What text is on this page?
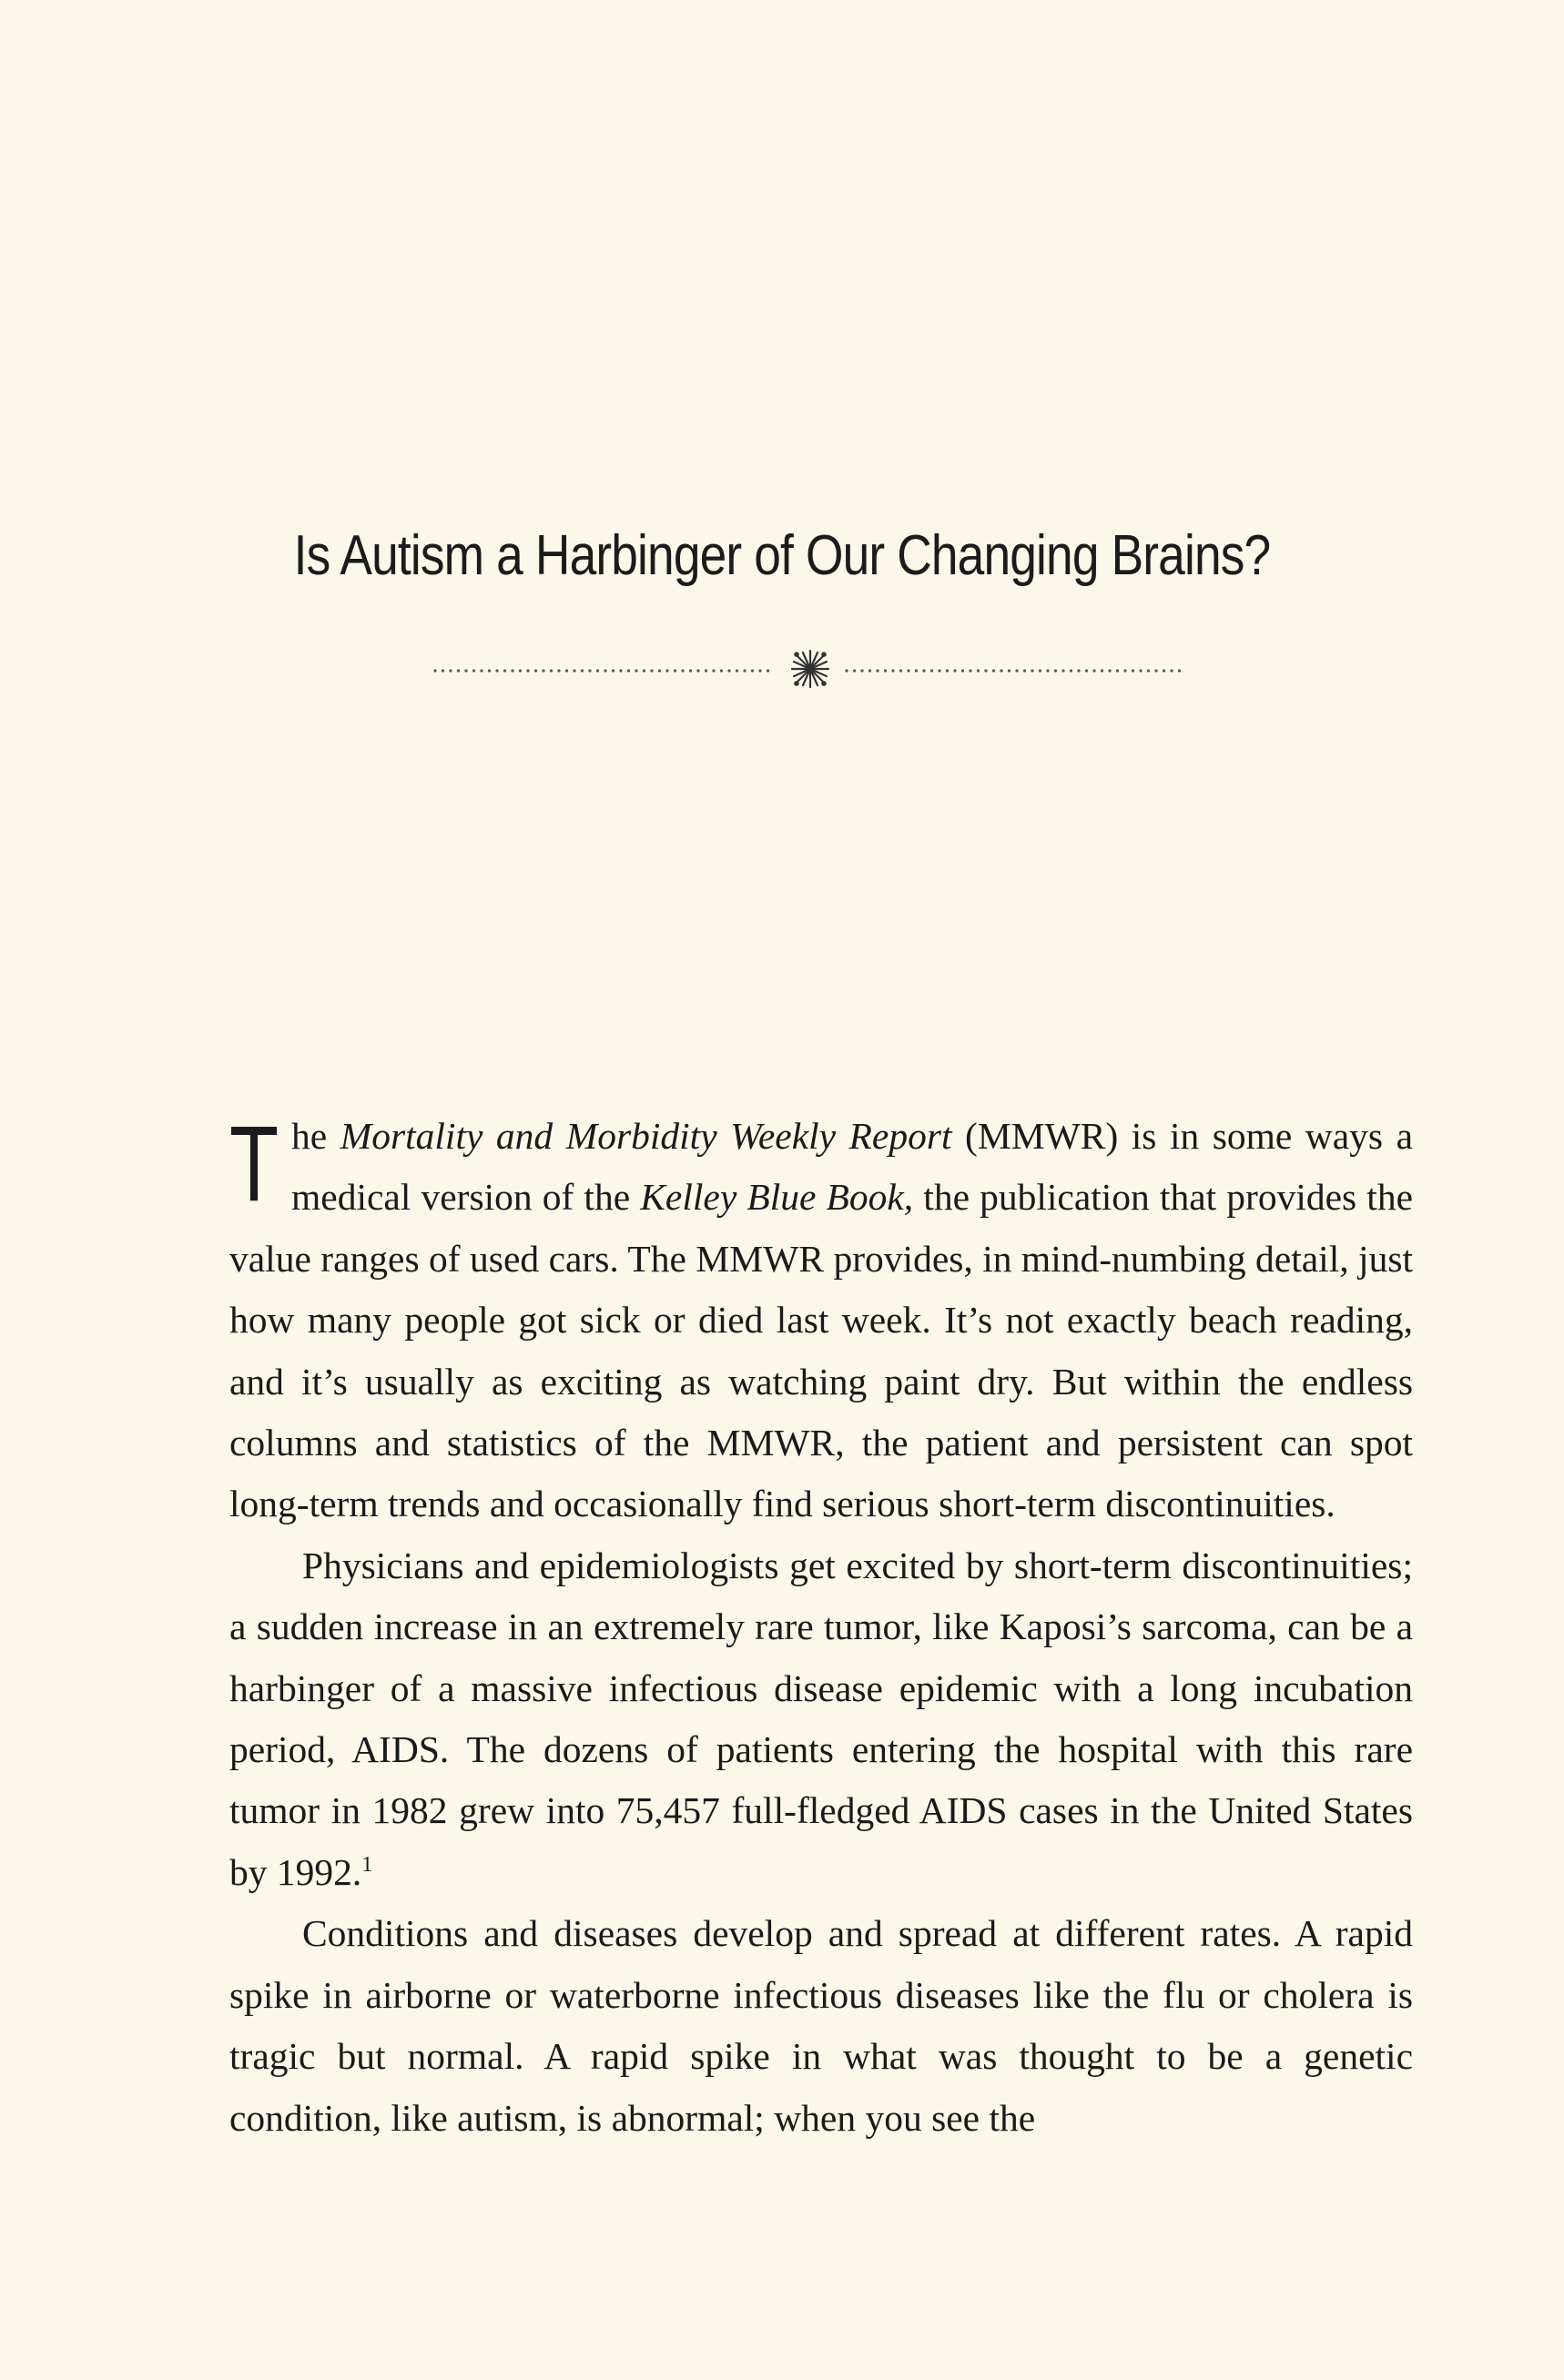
Is Autism a Harbinger of Our Changing Brains?

The Mortality and Morbidity Weekly Report (MMWR) is in some ways a medical version of the Kelley Blue Book, the publication that provides the value ranges of used cars. The MMWR provides, in mind-numbing detail, just how many people got sick or died last week. It’s not exactly beach reading, and it’s usually as exciting as watching paint dry. But within the endless columns and statistics of the MMWR, the patient and persistent can spot long-term trends and occasionally find serious short-term discontinuities.

Physicians and epidemiologists get excited by short-term discontinuities; a sudden increase in an extremely rare tumor, like Kaposi’s sarcoma, can be a harbinger of a massive infectious disease epidemic with a long incubation period, AIDS. The dozens of patients entering the hospital with this rare tumor in 1982 grew into 75,457 full-fledged AIDS cases in the United States by 1992.$^1$

Conditions and diseases develop and spread at different rates. A rapid spike in airborne or waterborne infectious diseases like the flu or cholera is tragic but normal. A rapid spike in what was thought to be a genetic condition, like autism, is abnormal; when you see the
